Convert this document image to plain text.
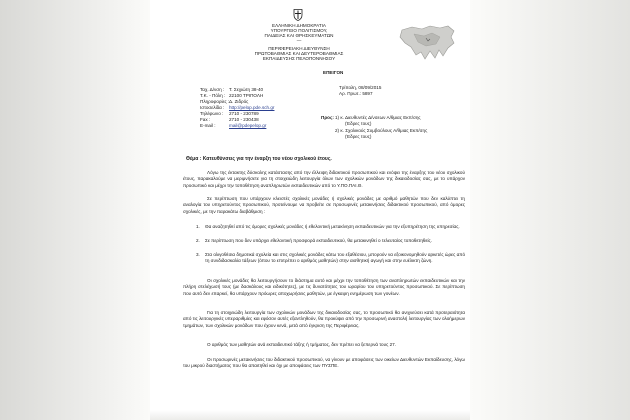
ΕΛΛΗΝΙΚΗ ΔΗΜΟΚΡΑΤΙΑ
ΥΠΟΥΡΓΕΙΟ ΠΟΛΙΤΙΣΜΟΥ,
ΠΑΙΔΕΙΑΣ ΚΑΙ ΘΡΗΣΚΕΥΜΑΤΩΝ
—
ΠΕΡΙΦΕΡΕΙΑΚΗ ΔΙΕΥΘΥΝΣΗ
ΠΡΩΤΟΒΑΘΜΙΑΣ ΚΑΙ ΔΕΥΤΕΡΟΒΑΘΜΙΑΣ
ΕΚΠΑΙΔΕΥΣΗΣ ΠΕΛΟΠΟΝΝΗΣΟΥ
ΕΠΕΙΓΟΝ
Τρίπολη, 08/09/2015
Αρ. Πρωτ.: 5897
Ταχ. Δ/νση : Τ. Σεχιώτη 38-40
Τ.Κ. - Πόλη : 22100 ΤΡΙΠΟΛΗ
Πληροφορίες : Δ. Ζιδρός
Ιστοσελίδα : http://pelop.pde.sch.gr
Τηλέφωνο : 2710 - 230789
Fax :	2710 - 230438
E-mail :	mail@pdepelop.gr
Προς: 1) κ. Διευθυντές Δ/νσεων Α/θμιας Εκπ/σης
(Έδρες τους)
2) κ. Σχολικούς Συμβούλους Α/θμιας Εκπ/σης
(Έδρες τους)
Θέμα : Κατευθύνσεις για την έναρξη του νέου σχολικού έτους.
Λόγω της έκτακτης δύσκολης κατάστασης από την έλλειψη διδακτικού προσωπικού και ενόψει της έναρξης του νέου σχολικού έτους, παρακαλούμε να μεριμνήσετε για τη στοιχειώδη λειτουργία όλων των σχολικών μονάδων της δικαιοδοσίας σας, με το υπάρχον προσωπικό και μέχρι την τοποθέτηση αναπληρωτών εκπαιδευτικών από το Υ.ΠΟ.ΠΑΙ.Θ.
Σε περίπτωση που υπάρχουν κλειστές σχολικές μονάδες ή σχολικές μονάδες με αριθμό μαθητών που δεν καλύπτει τη αναλογία του υπηρετούντος προσωπικού, προτείνουμε να προβείτε σε προσωρινές μετακινήσεις διδακτικού προσωπικού, από όμορες σχολικές, με την παρακάτω διαβάθμιση :
1. Θα αναζητηθεί από τις όμορες σχολικές μονάδες ή εθελοντική μετακίνηση εκπαιδευτικών για την εξυπηρέτηση της υπηρεσίας.
2. Σε περίπτωση που δεν υπάρχει εθελοντική προσφορά εκπαιδευτικού, θα μετακινηθεί ο τελευταίος τοποθετηθείς.
3. Στα ολιγοθέσια δημοτικά σχολεία και στις σχολικές μονάδες κάτω του εξαθέσιου, μπορούν να εξοικονομηθούν αρκετές ώρες από τη συνδιδασκαλία τάξεων (όπου το επιτρέπει ο αριθμός μαθητών) στην αισθητική αγωγή και στην ευέλικτη ζώνη.
Οι σχολικές μονάδες θα λειτουργήσουν το διάστημα αυτό και μέχρι την τοποθέτηση των αναπληρωτών εκπαιδευτικών και την πλήρη στελέχωσή τους (με δασκάλους και ειδικότητες), με τις δυνατότητες του ωραρίου του υπηρετούντος προσωπικού. Σε περίπτωση που αυτό δεν επαρκεί, θα υπάρχουν πρόωρες αποχωρήσεις μαθητών, με έγκαιρη ενημέρωση των γονέων.
Για τη στοιχειώδη λειτουργία των σχολικών μονάδων της δικαιοδοσίας σας, το προσωπικό θα ανιχνεύσει κατά προτεραιότητα από τις λειτουργικές υπεραριθμίες και εφόσον αυτές εξαντληθούν, θα προκύψει από την προσωρινή αναστολή λειτουργίας των ολοήμερων τμημάτων, των σχολικών μονάδων που έχουν κενά, μετά από έγκριση της Περιφέρειας.
Ο αριθμός των μαθητών ανά εκπαιδευτικό τάξης ή τμήματος, δεν πρέπει να ξεπερνά τους 27.
Οι προσωρινές μετακινήσεις του διδακτικού προσωπικού, να γίνουν με αποφάσεις των οικείων Διευθυντών Εκπαίδευσης, λόγω του μικρού διαστήματος που θα απαιτηθεί και όχι με αποφάσεις των ΠΥΣΠΕ.
